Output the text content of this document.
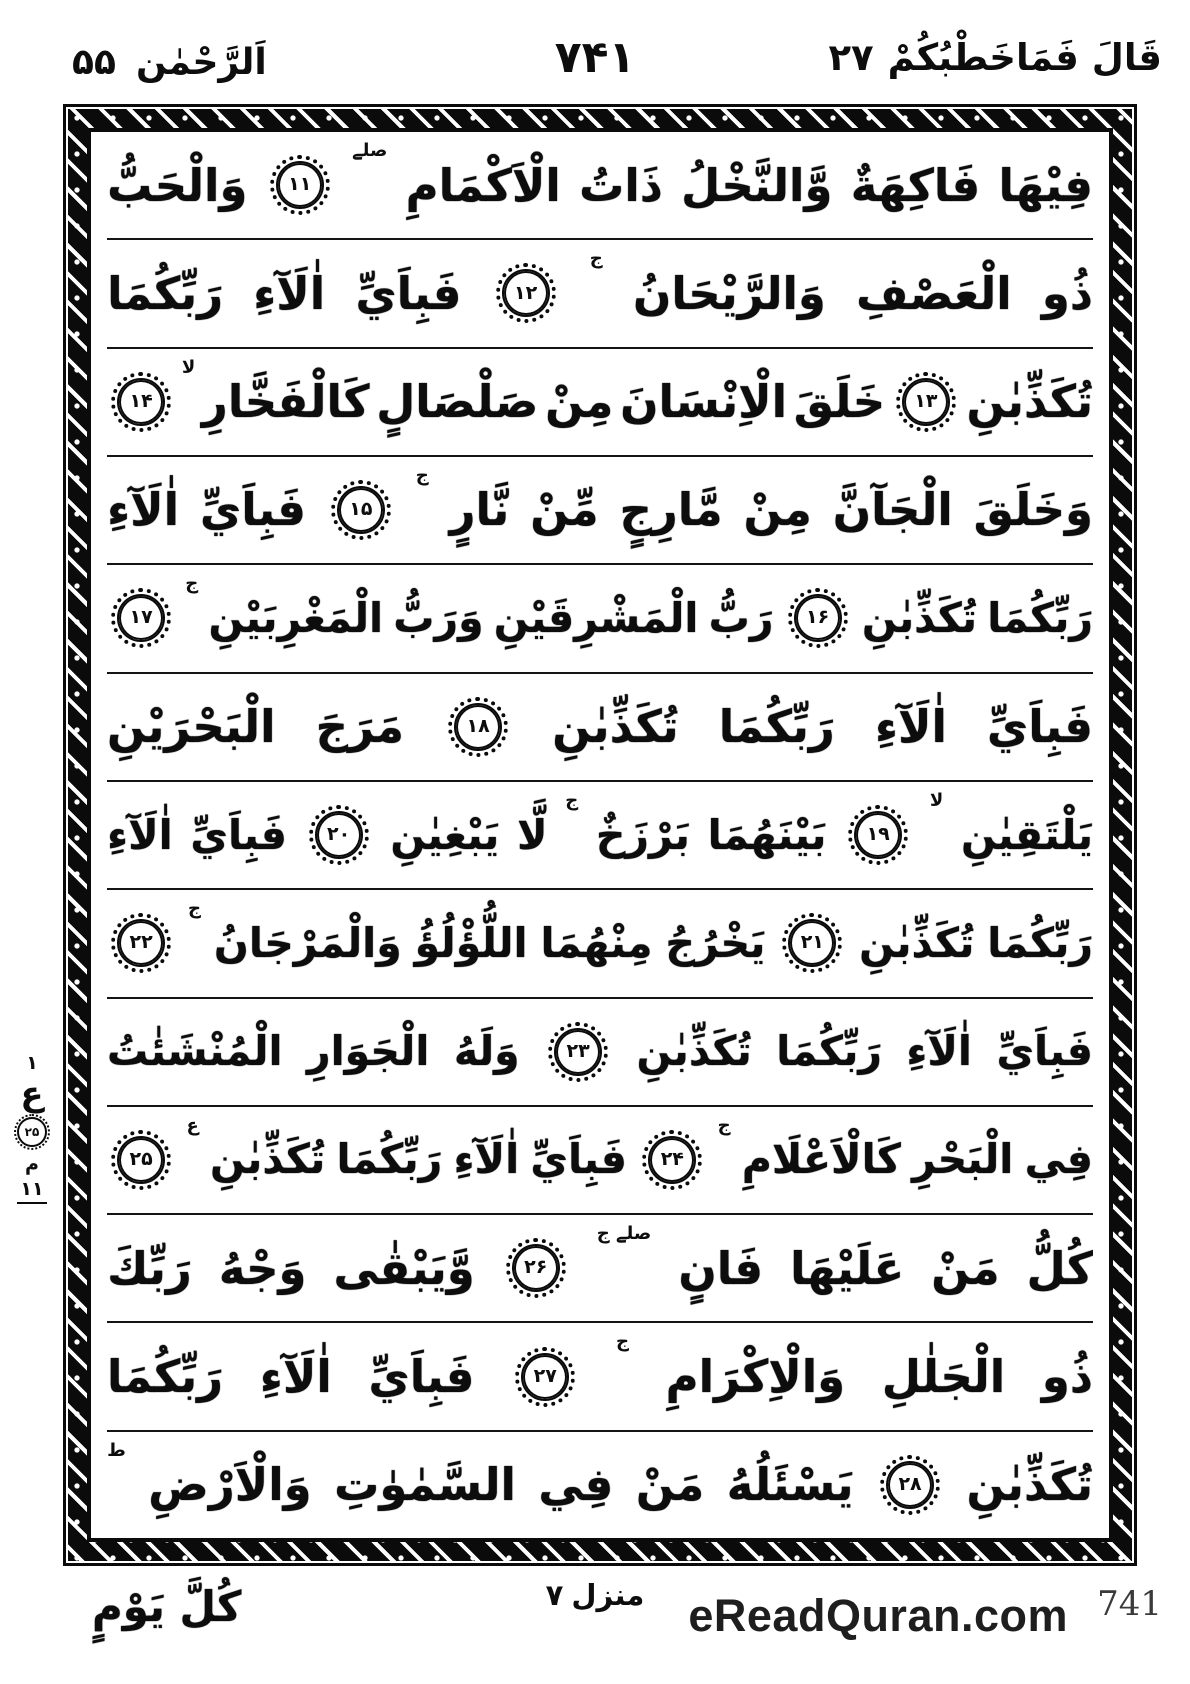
اَلرَّحْمٰن
۵۵	۷۴۱	قَالَ فَمَاخَطْبُكُمْ
۲۷
فِيْهَا
فَاكِهَةٌ
وَّالنَّخْلُ
ذَاتُ
الْاَكْمَامِ
صلے
۱۱
وَالْحَبُّ
ذُو
الْعَصْفِ
وَالرَّيْحَانُ
ج
۱۲
فَبِاَيِّ
اٰلَآءِ
رَبِّكُمَا
تُكَذِّبٰنِ
۱۳
خَلَقَ
الْاِنْسَانَ
مِنْ
صَلْصَالٍ
كَالْفَخَّارِ
لا
۱۴
وَخَلَقَ
الْجَآنَّ
مِنْ
مَّارِجٍ
مِّنْ
نَّارٍ
ج
۱۵
فَبِاَيِّ
اٰلَآءِ
رَبِّكُمَا
تُكَذِّبٰنِ
۱۶
رَبُّ
الْمَشْرِقَيْنِ
وَرَبُّ
الْمَغْرِبَيْنِ
ج
۱۷
فَبِاَيِّ
اٰلَآءِ
رَبِّكُمَا
تُكَذِّبٰنِ
۱۸
مَرَجَ
الْبَحْرَيْنِ
يَلْتَقِيٰنِ
لا
۱۹
بَيْنَهُمَا
بَرْزَخٌ
ج
لَّا
يَبْغِيٰنِ
۲۰
فَبِاَيِّ
اٰلَآءِ
رَبِّكُمَا
تُكَذِّبٰنِ
۲۱
يَخْرُجُ
مِنْهُمَا
اللُّؤْلُؤُ
وَالْمَرْجَانُ
ج
۲۲
فَبِاَيِّ
اٰلَآءِ
رَبِّكُمَا
تُكَذِّبٰنِ
۲۳
وَلَهُ
الْجَوَارِ
الْمُنْشَئٰتُ
فِي
الْبَحْرِ
كَالْاَعْلَامِ
ج
۲۴
فَبِاَيِّ
اٰلَآءِ
رَبِّكُمَا
تُكَذِّبٰنِ
ع
۲۵
كُلُّ
مَنْ
عَلَيْهَا
فَانٍ
صلے ج
۲۶
وَّيَبْقٰى
وَجْهُ
رَبِّكَ
ذُو
الْجَلٰلِ
وَالْاِكْرَامِ
ج
۲۷
فَبِاَيِّ
اٰلَآءِ
رَبِّكُمَا
تُكَذِّبٰنِ
۲۸
يَسْئَلُهُ
مَنْ
فِي
السَّمٰوٰتِ
وَالْاَرْضِ
ط
۱
ع
۲۵
م
۱۱
كُلَّ يَوْمٍ	منزل
۷	eReadQuran.com 741
